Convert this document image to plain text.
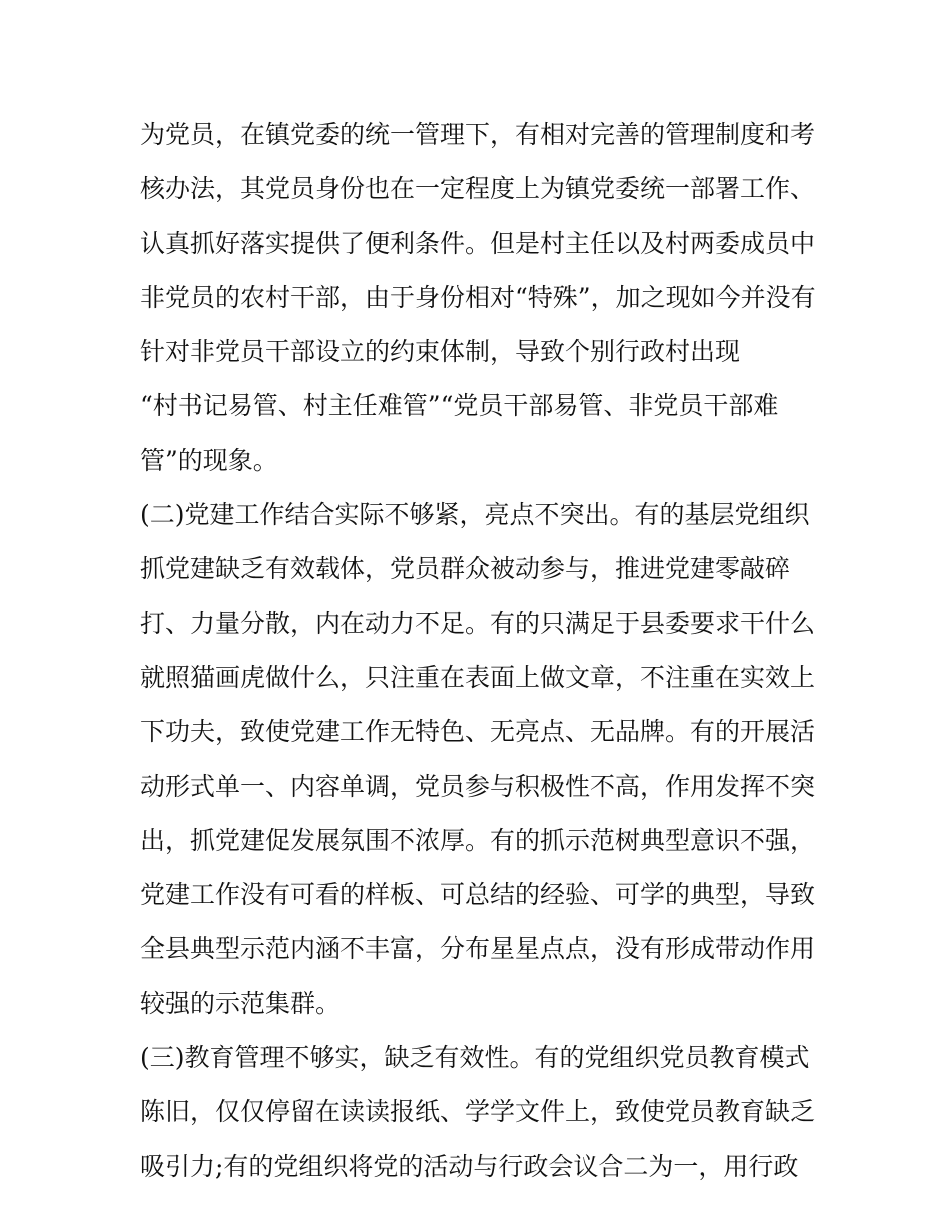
为党员，在镇党委的统一管理下，有相对完善的管理制度和考
核办法，其党员身份也在一定程度上为镇党委统一部署工作、
认真抓好落实提供了便利条件。但是村主任以及村两委成员中
非党员的农村干部，由于身份相对“特殊”，加之现如今并没有
针对非党员干部设立的约束体制，导致个别行政村出现
“村书记易管、村主任难管”“党员干部易管、非党员干部难
管”的现象。
(二)党建工作结合实际不够紧，亮点不突出。有的基层党组织
抓党建缺乏有效载体，党员群众被动参与，推进党建零敲碎
打、力量分散，内在动力不足。有的只满足于县委要求干什么
就照猫画虎做什么，只注重在表面上做文章，不注重在实效上
下功夫，致使党建工作无特色、无亮点、无品牌。有的开展活
动形式单一、内容单调，党员参与积极性不高，作用发挥不突
出，抓党建促发展氛围不浓厚。有的抓示范树典型意识不强，
党建工作没有可看的样板、可总结的经验、可学的典型，导致
全县典型示范内涵不丰富，分布星星点点，没有形成带动作用
较强的示范集群。
(三)教育管理不够实，缺乏有效性。有的党组织党员教育模式
陈旧，仅仅停留在读读报纸、学学文件上，致使党员教育缺乏
吸引力;有的党组织将党的活动与行政会议合二为一，用行政
